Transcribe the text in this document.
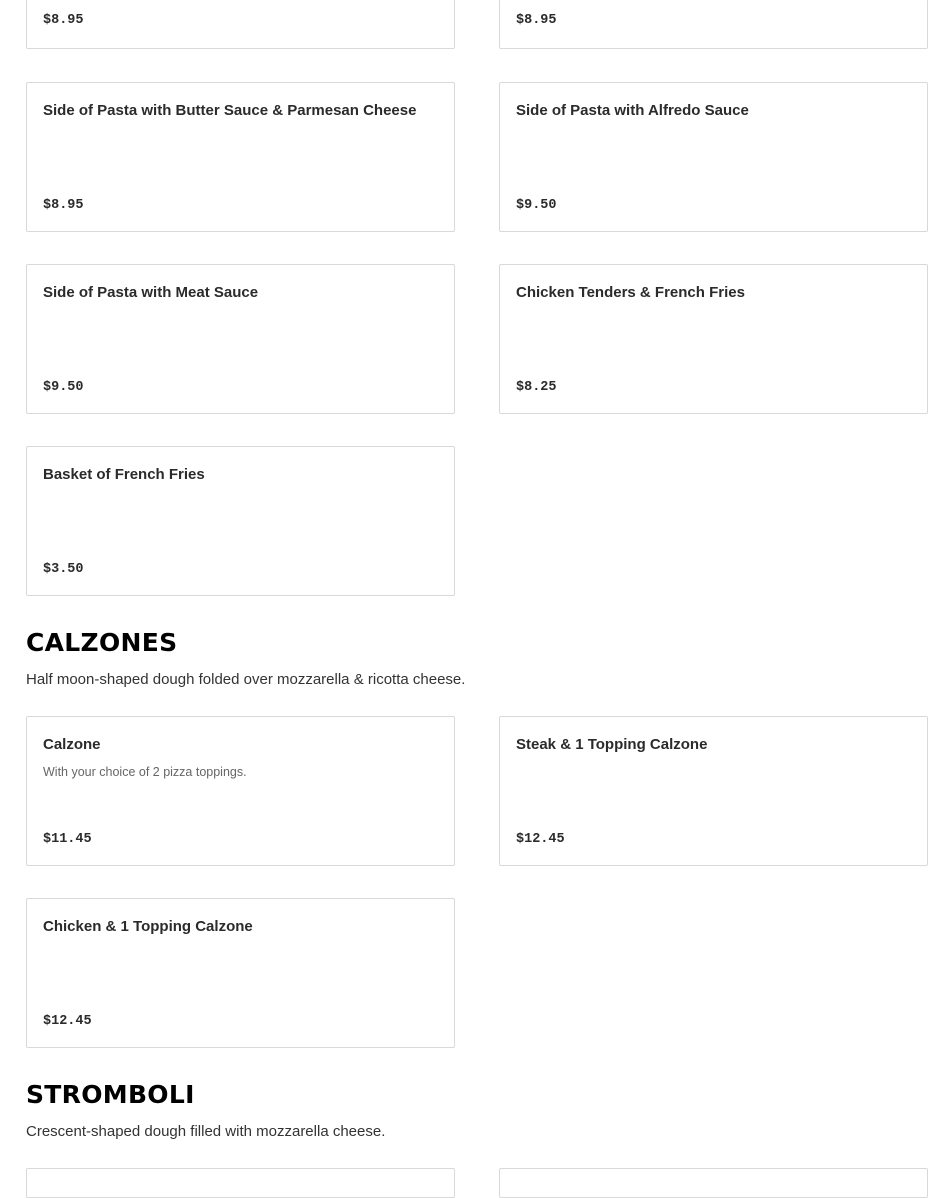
$8.95	$8.95
Side of Pasta with Butter Sauce & Parmesan Cheese
$8.95
Side of Pasta with Alfredo Sauce
$9.50
Side of Pasta with Meat Sauce
$9.50
Chicken Tenders & French Fries
$8.25
Basket of French Fries
$3.50
CALZONES

Half moon-shaped dough folded over mozzarella & ricotta cheese.

Calzone
With your choice of 2 pizza toppings.
$11.45
Steak & 1 Topping Calzone
$12.45
Chicken & 1 Topping Calzone
$12.45
STROMBOLI

Crescent-shaped dough filled with mozzarella cheese.
